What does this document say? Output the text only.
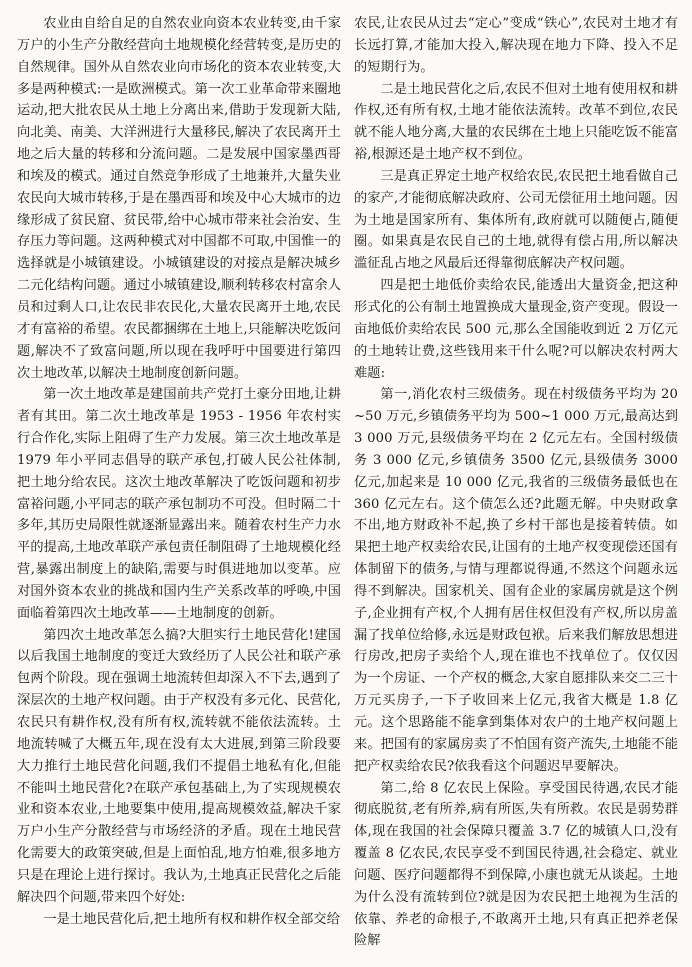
农业由自给自足的自然农业向资本农业转变,由千家万户的小生产分散经营向土地规模化经营转变,是历史的自然规律。国外从自然农业向市场化的资本农业转变,大多是两种模式:一是欧洲模式。第一次工业革命带来圈地运动,把大批农民从土地上分离出来,借助于发现新大陆,向北美、南美、大洋洲进行大量移民,解决了农民离开土地之后大量的转移和分流问题。二是发展中国家墨西哥和埃及的模式。通过自然竞争形成了土地兼并,大量失业农民向大城市转移,于是在墨西哥和埃及中心大城市的边缘形成了贫民窟、贫民带,给中心城市带来社会治安、生存压力等问题。这两种模式对中国都不可取,中国惟一的选择就是小城镇建设。小城镇建设的对接点是解决城乡二元化结构问题。通过小城镇建设,顺利转移农村富余人员和过剩人口,让农民非农民化,大量农民离开土地,农民才有富裕的希望。农民都捆绑在土地上,只能解决吃饭问题,解决不了致富问题,所以现在我呼吁中国要进行第四次土地改革,以解决土地制度创新问题。

第一次土地改革是建国前共产党打土豪分田地,让耕者有其田。第二次土地改革是 1953 - 1956 年农村实行合作化,实际上阻碍了生产力发展。第三次土地改革是 1979 年小平同志倡导的联产承包,打破人民公社体制,把土地分给农民。这次土地改革解决了吃饭问题和初步富裕问题,小平同志的联产承包制功不可没。但时隔二十多年,其历史局限性就逐渐显露出来。随着农村生产力水平的提高,土地改革联产承包责任制阻碍了土地规模化经营,暴露出制度上的缺陷,需要与时俱进地加以变革。应对国外资本农业的挑战和国内生产关系改革的呼唤,中国面临着第四次土地改革——土地制度的创新。

第四次土地改革怎么搞?大胆实行土地民营化!建国以后我国土地制度的变迁大致经历了人民公社和联产承包两个阶段。现在强调土地流转但却深入不下去,遇到了深层次的土地产权问题。由于产权没有多元化、民营化,农民只有耕作权,没有所有权,流转就不能依法流转。土地流转喊了大概五年,现在没有太大进展,到第三阶段要大力推行土地民营化问题,我们不提倡土地私有化,但能不能叫土地民营化?在联产承包基础上,为了实现规模农业和资本农业,土地要集中使用,提高规模效益,解决千家万户小生产分散经营与市场经济的矛盾。现在土地民营化需要大的政策突破,但是上面怕乱,地方怕难,很多地方只是在理论上进行探讨。我认为,土地真正民营化之后能解决四个问题,带来四个好处:

一是土地民营化后,把土地所有权和耕作权全部交给

农民,让农民从过去“定心”变成“铁心”,农民对土地才有长远打算,才能加大投入,解决现在地力下降、投入不足的短期行为。

二是土地民营化之后,农民不但对土地有使用权和耕作权,还有所有权,土地才能依法流转。改革不到位,农民就不能人地分离,大量的农民绑在土地上只能吃饭不能富裕,根源还是土地产权不到位。

三是真正界定土地产权给农民,农民把土地看做自己的家产,才能彻底解决政府、公司无偿征用土地问题。因为土地是国家所有、集体所有,政府就可以随便占,随便圈。如果真是农民自己的土地,就得有偿占用,所以解决滥征乱占地之风最后还得靠彻底解决产权问题。

四是把土地低价卖给农民,能透出大量资金,把这种形式化的公有制土地置换成大量现金,资产变现。假设一亩地低价卖给农民 500 元,那么全国能收到近 2 万亿元的土地转让费,这些钱用来干什么呢?可以解决农村两大难题:

第一,消化农村三级债务。现在村级债务平均为 20~50 万元,乡镇债务平均为 500~1 000 万元,最高达到 3 000 万元,县级债务平均在 2 亿元左右。全国村级债务 3 000 亿元,乡镇债务 3500 亿元,县级债务 3000 亿元,加起来是 10 000 亿元,我省的三级债务最低也在 360 亿元左右。这个债怎么还?此题无解。中央财政拿不出,地方财政补不起,换了乡村干部也是接着转债。如果把土地产权卖给农民,让国有的土地产权变现偿还国有体制留下的债务,与情与理都说得通,不然这个问题永远得不到解决。国家机关、国有企业的家属房就是这个例子,企业拥有产权,个人拥有居住权但没有产权,所以房盖漏了找单位给修,永远是财政包袱。后来我们解放思想进行房改,把房子卖给个人,现在谁也不找单位了。仅仅因为一个房证、一个产权的概念,大家自愿排队来交二三十万元买房子,一下子收回来上亿元,我省大概是 1.8 亿元。这个思路能不能拿到集体对农户的土地产权问题上来。把国有的家属房卖了不怕国有资产流失,土地能不能把产权卖给农民?依我看这个问题迟早要解决。

第二,给 8 亿农民上保险。享受国民待遇,农民才能彻底脱贫,老有所养,病有所医,失有所救。农民是弱势群体,现在我国的社会保障只覆盖 3.7 亿的城镇人口,没有覆盖 8 亿农民,农民享受不到国民待遇,社会稳定、就业问题、医疗问题都得不到保障,小康也就无从谈起。土地为什么没有流转到位?就是因为农民把土地视为生活的依靠、养老的命根子,不敢离开土地,只有真正把养老保险解
